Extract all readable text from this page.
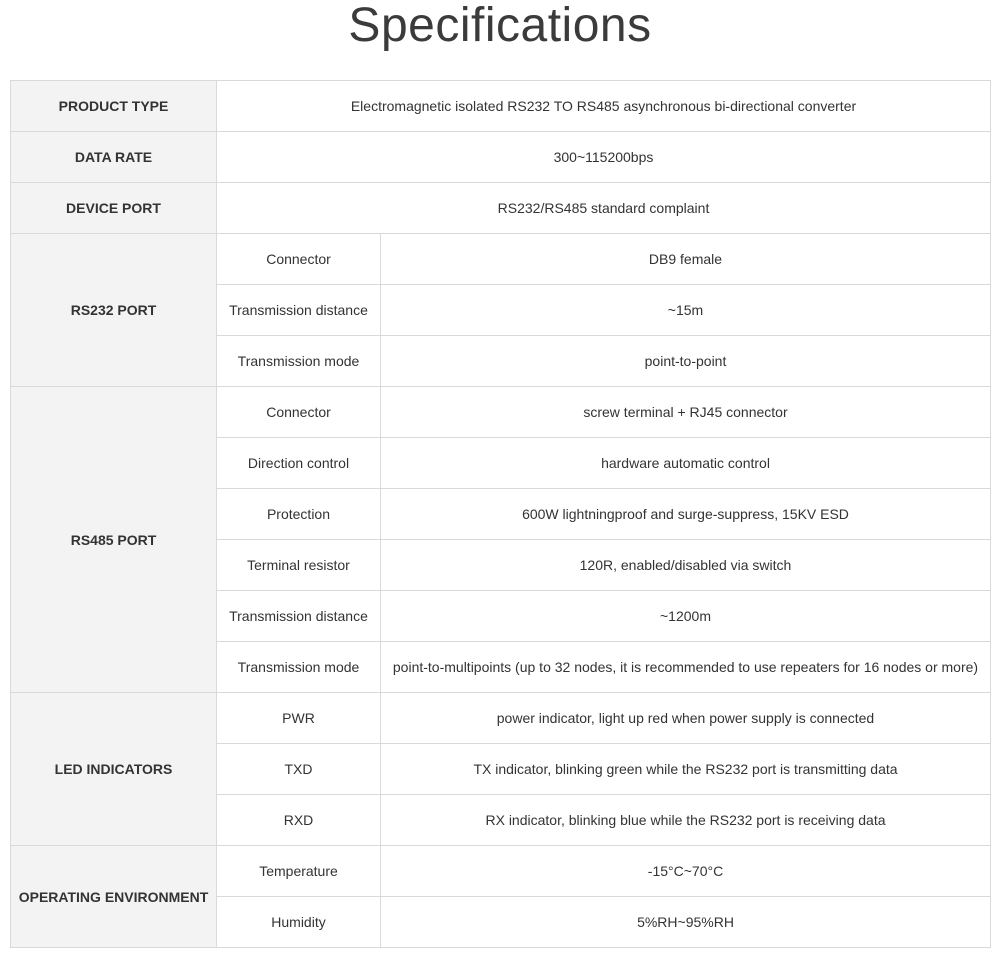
Specifications
PRODUCT TYPE	Electromagnetic isolated RS232 TO RS485 asynchronous bi-directional converter	
DATA RATE	300~115200bps	
DEVICE PORT	RS232/RS485 standard complaint	
RS232 PORT	Connector	DB9 female
	Transmission distance	~15m
	Transmission mode	point-to-point
RS485 PORT	Connector	screw terminal + RJ45 connector
	Direction control	hardware automatic control
	Protection	600W lightningproof and surge-suppress, 15KV ESD
	Terminal resistor	120R, enabled/disabled via switch
	Transmission distance	~1200m
	Transmission mode	point-to-multipoints (up to 32 nodes, it is recommended to use repeaters for 16 nodes or more)
LED INDICATORS	PWR	power indicator, light up red when power supply is connected
	TXD	TX indicator, blinking green while the RS232 port is transmitting data
	RXD	RX indicator, blinking blue while the RS232 port is receiving data
OPERATING ENVIRONMENT	Temperature	-15°C~70°C
	Humidity	5%RH~95%RH
